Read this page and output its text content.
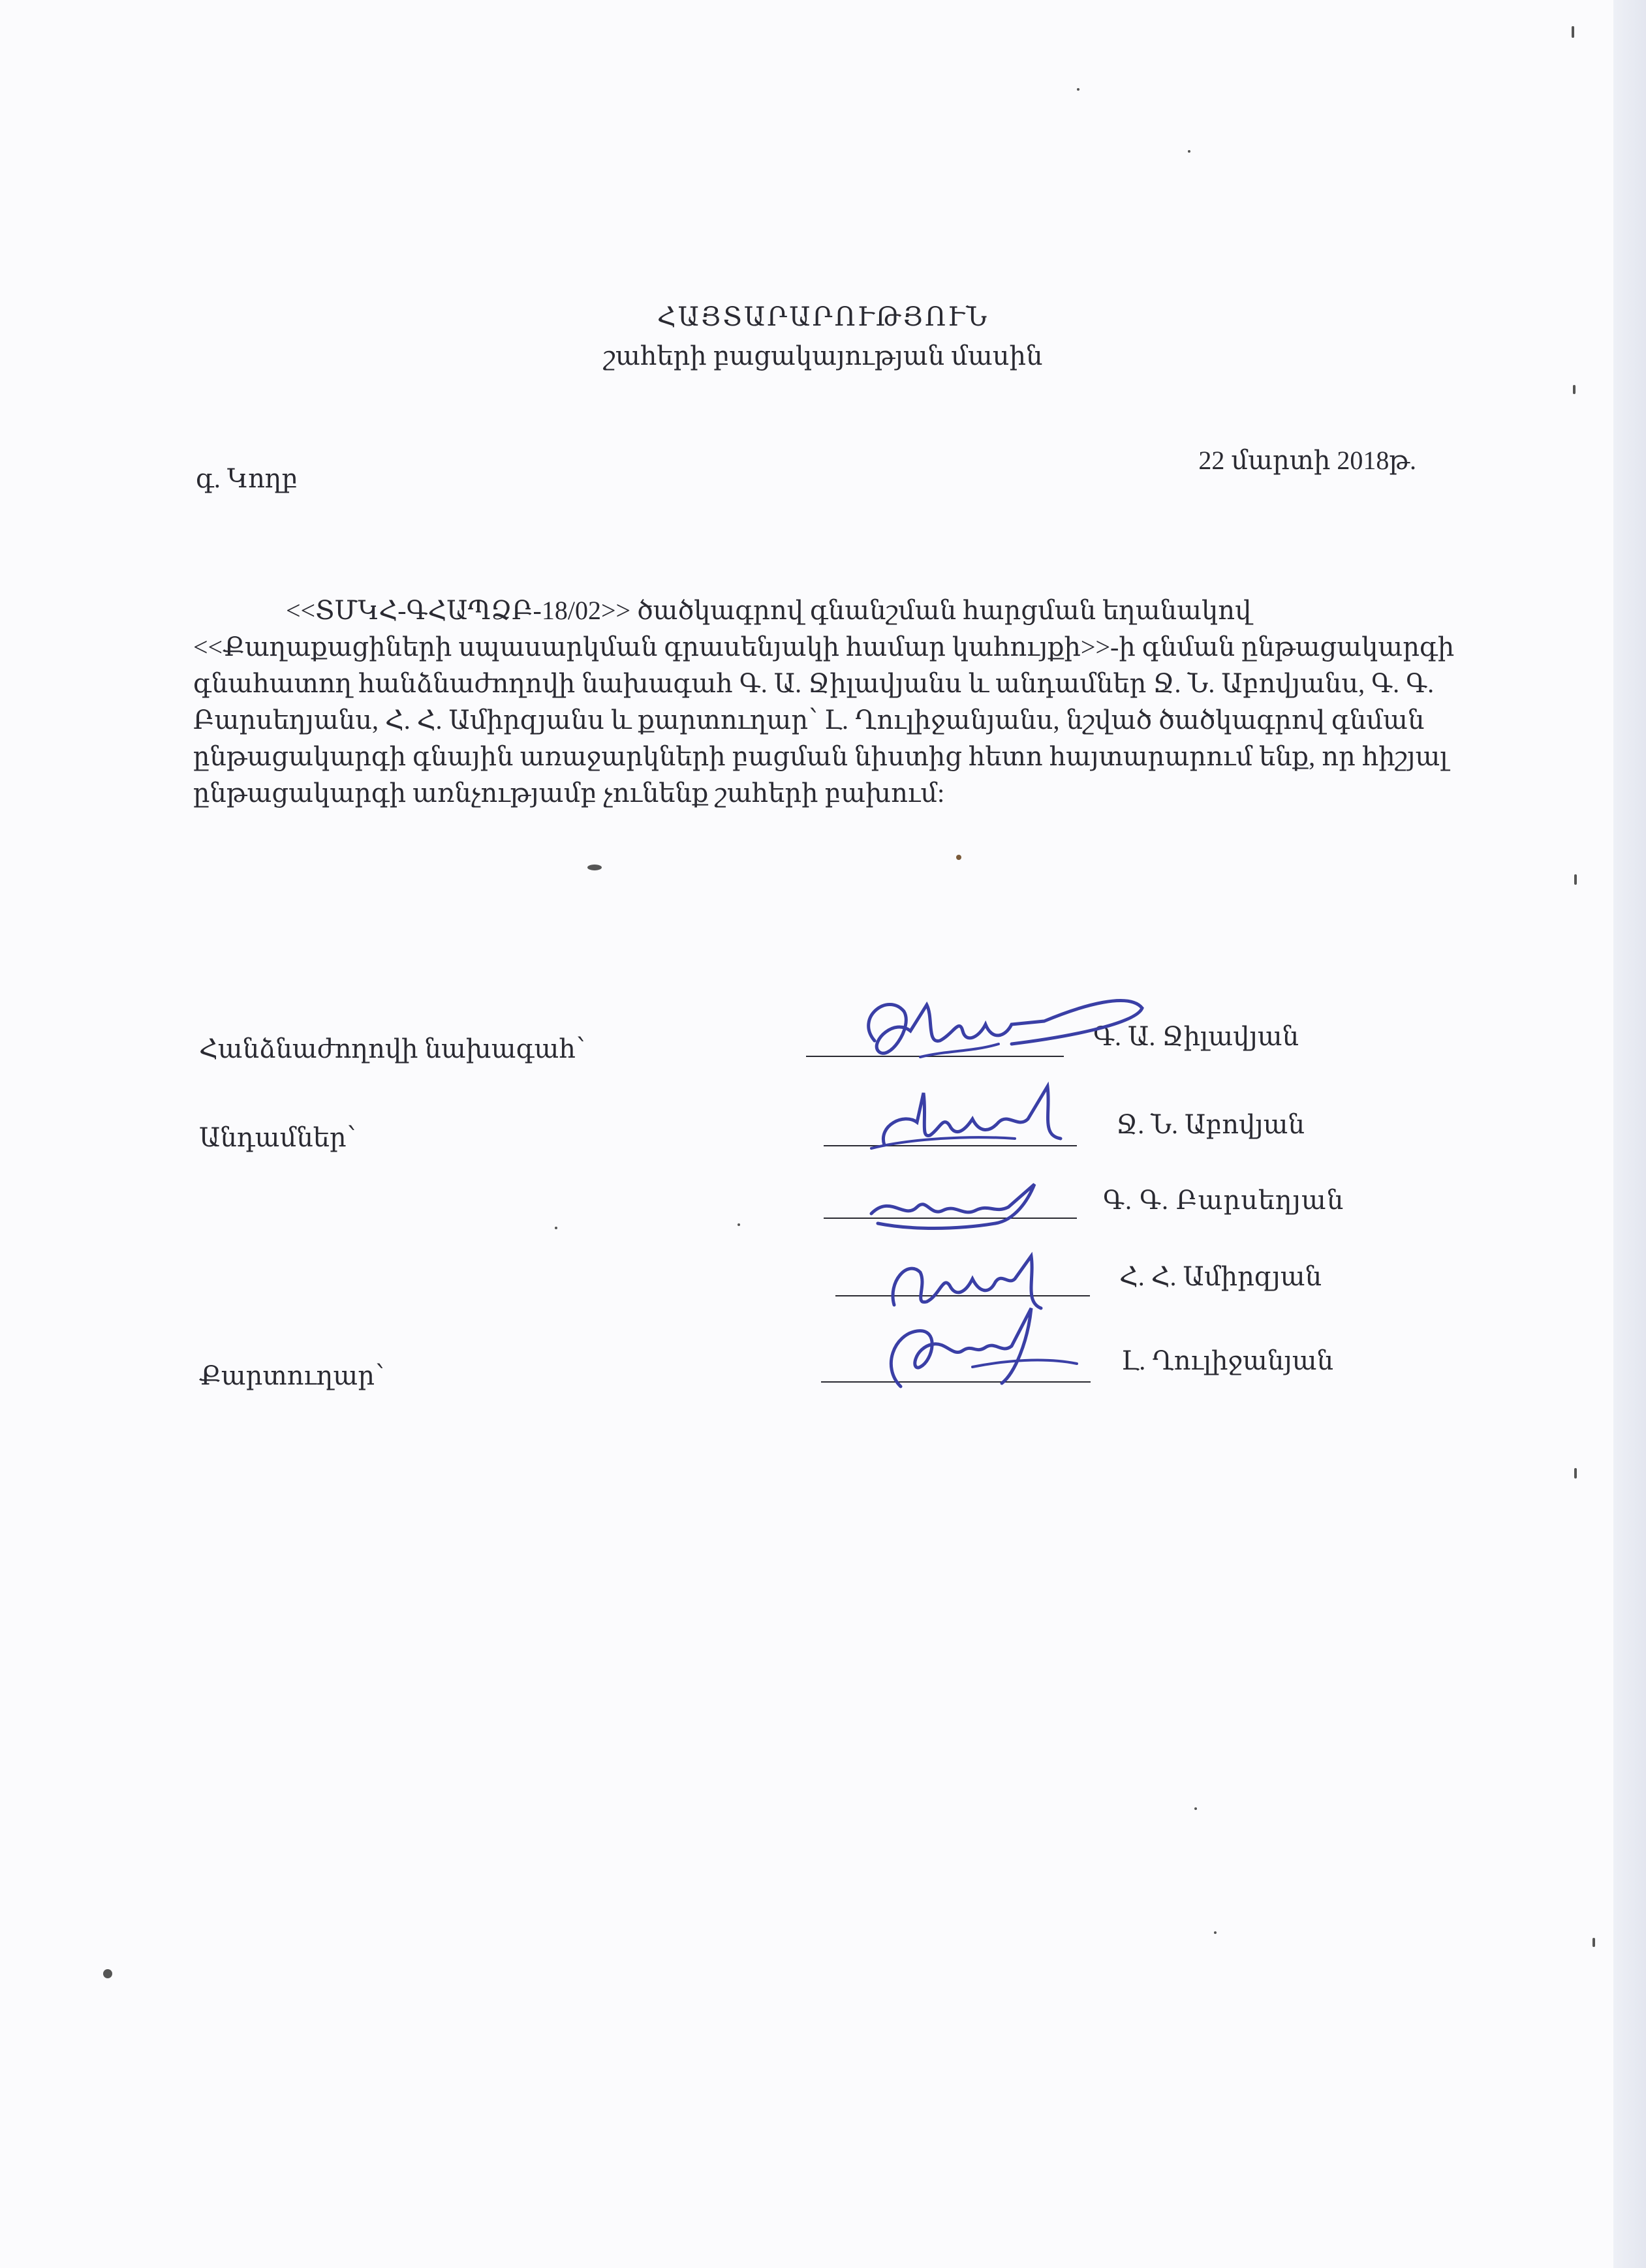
ՀԱՅՏԱՐԱՐՈՒԹՅՈՒՆ
շահերի բացակայության մասին
գ. Կողբ
22 մարտի 2018թ.
<<ՏՄԿՀ-ԳՀԱՊՁԲ-18/02>> ծածկագրով գնանշման հարցման եղանակով
<<Քաղաքացիների սպասարկման գրասենյակի համար կահույքի>>-ի գնման ընթացակարգի
գնահատող հանձնաժողովի նախագահ Գ. Ա. Ջիլավյանս և անդամներ Ջ. Ն. Աբովյանս, Գ. Գ.
Բարսեղյանս, Հ. Հ. Ամիրզյանս և քարտուղար՝ Լ. Ղուլիջանյանս, նշված ծածկագրով գնման
ընթացակարգի գնային առաջարկների բացման նիստից հետո հայտարարում ենք, որ հիշյալ
ընթացակարգի առնչությամբ չունենք շահերի բախում:
Հանձնաժողովի նախագահ՝
Անդամներ՝
Քարտուղար՝
Գ. Ա. Ջիլավյան
Ջ. Ն. Աբովյան
Գ. Գ. Բարսեղյան
Հ. Հ. Ամիրզյան
Լ. Ղուլիջանյան
